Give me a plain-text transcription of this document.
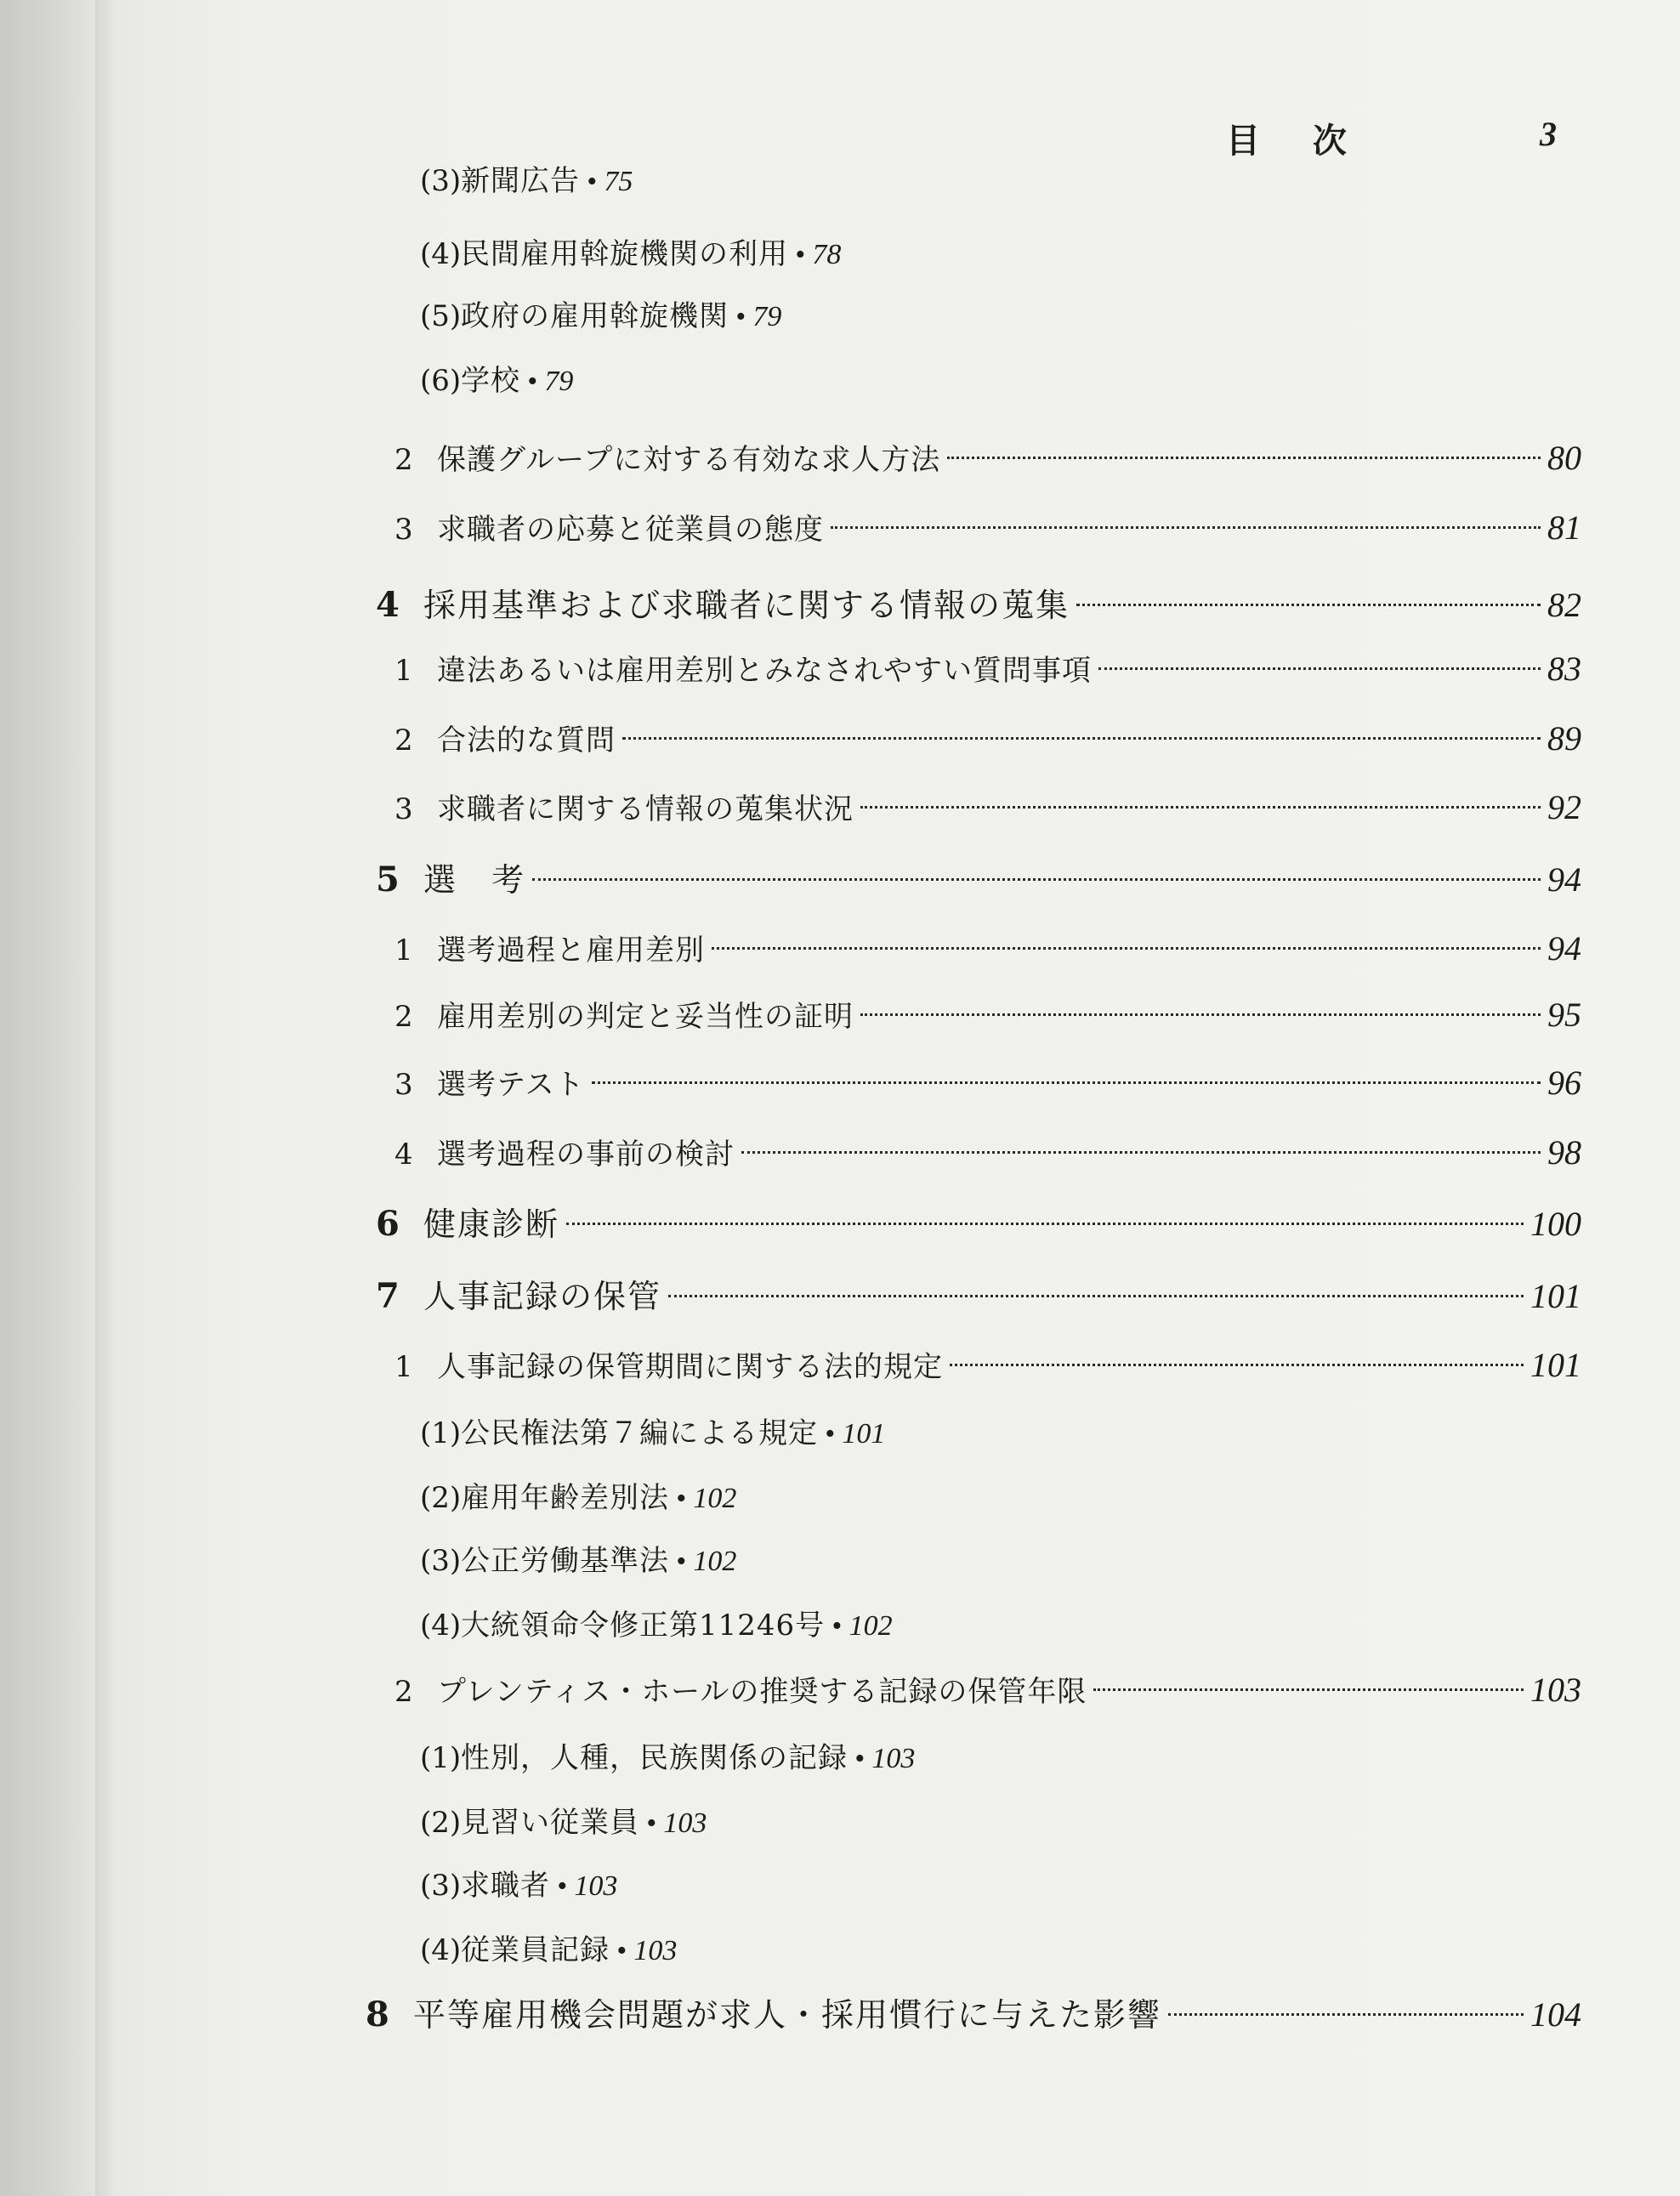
目 次	3
(3) 新聞広告 • 75
(4) 民間雇用斡旋機関の利用 • 78
(5) 政府の雇用斡旋機関 • 79
(6) 学校 • 79
2 保護グループに対する有効な求人方法	80
3 求職者の応募と従業員の態度	81
4 採用基準および求職者に関する情報の蒐集	82
1 違法あるいは雇用差別とみなされやすい質問事項	83
2 合法的な質問	89
3 求職者に関する情報の蒐集状況	92
5 選　考	94
1 選考過程と雇用差別	94
2 雇用差別の判定と妥当性の証明	95
3 選考テスト	96
4 選考過程の事前の検討	98
6 健康診断	100
7 人事記録の保管	101
1 人事記録の保管期間に関する法的規定	101
(1) 公民権法第７編による規定 • 101
(2) 雇用年齢差別法 • 102
(3) 公正労働基準法 • 102
(4) 大統領命令修正第11246号 • 102
2 プレンティス・ホールの推奨する記録の保管年限	103
(1) 性別，人種，民族関係の記録 • 103
(2) 見習い従業員 • 103
(3) 求職者 • 103
(4) 従業員記録 • 103
8 平等雇用機会問題が求人・採用慣行に与えた影響	104
